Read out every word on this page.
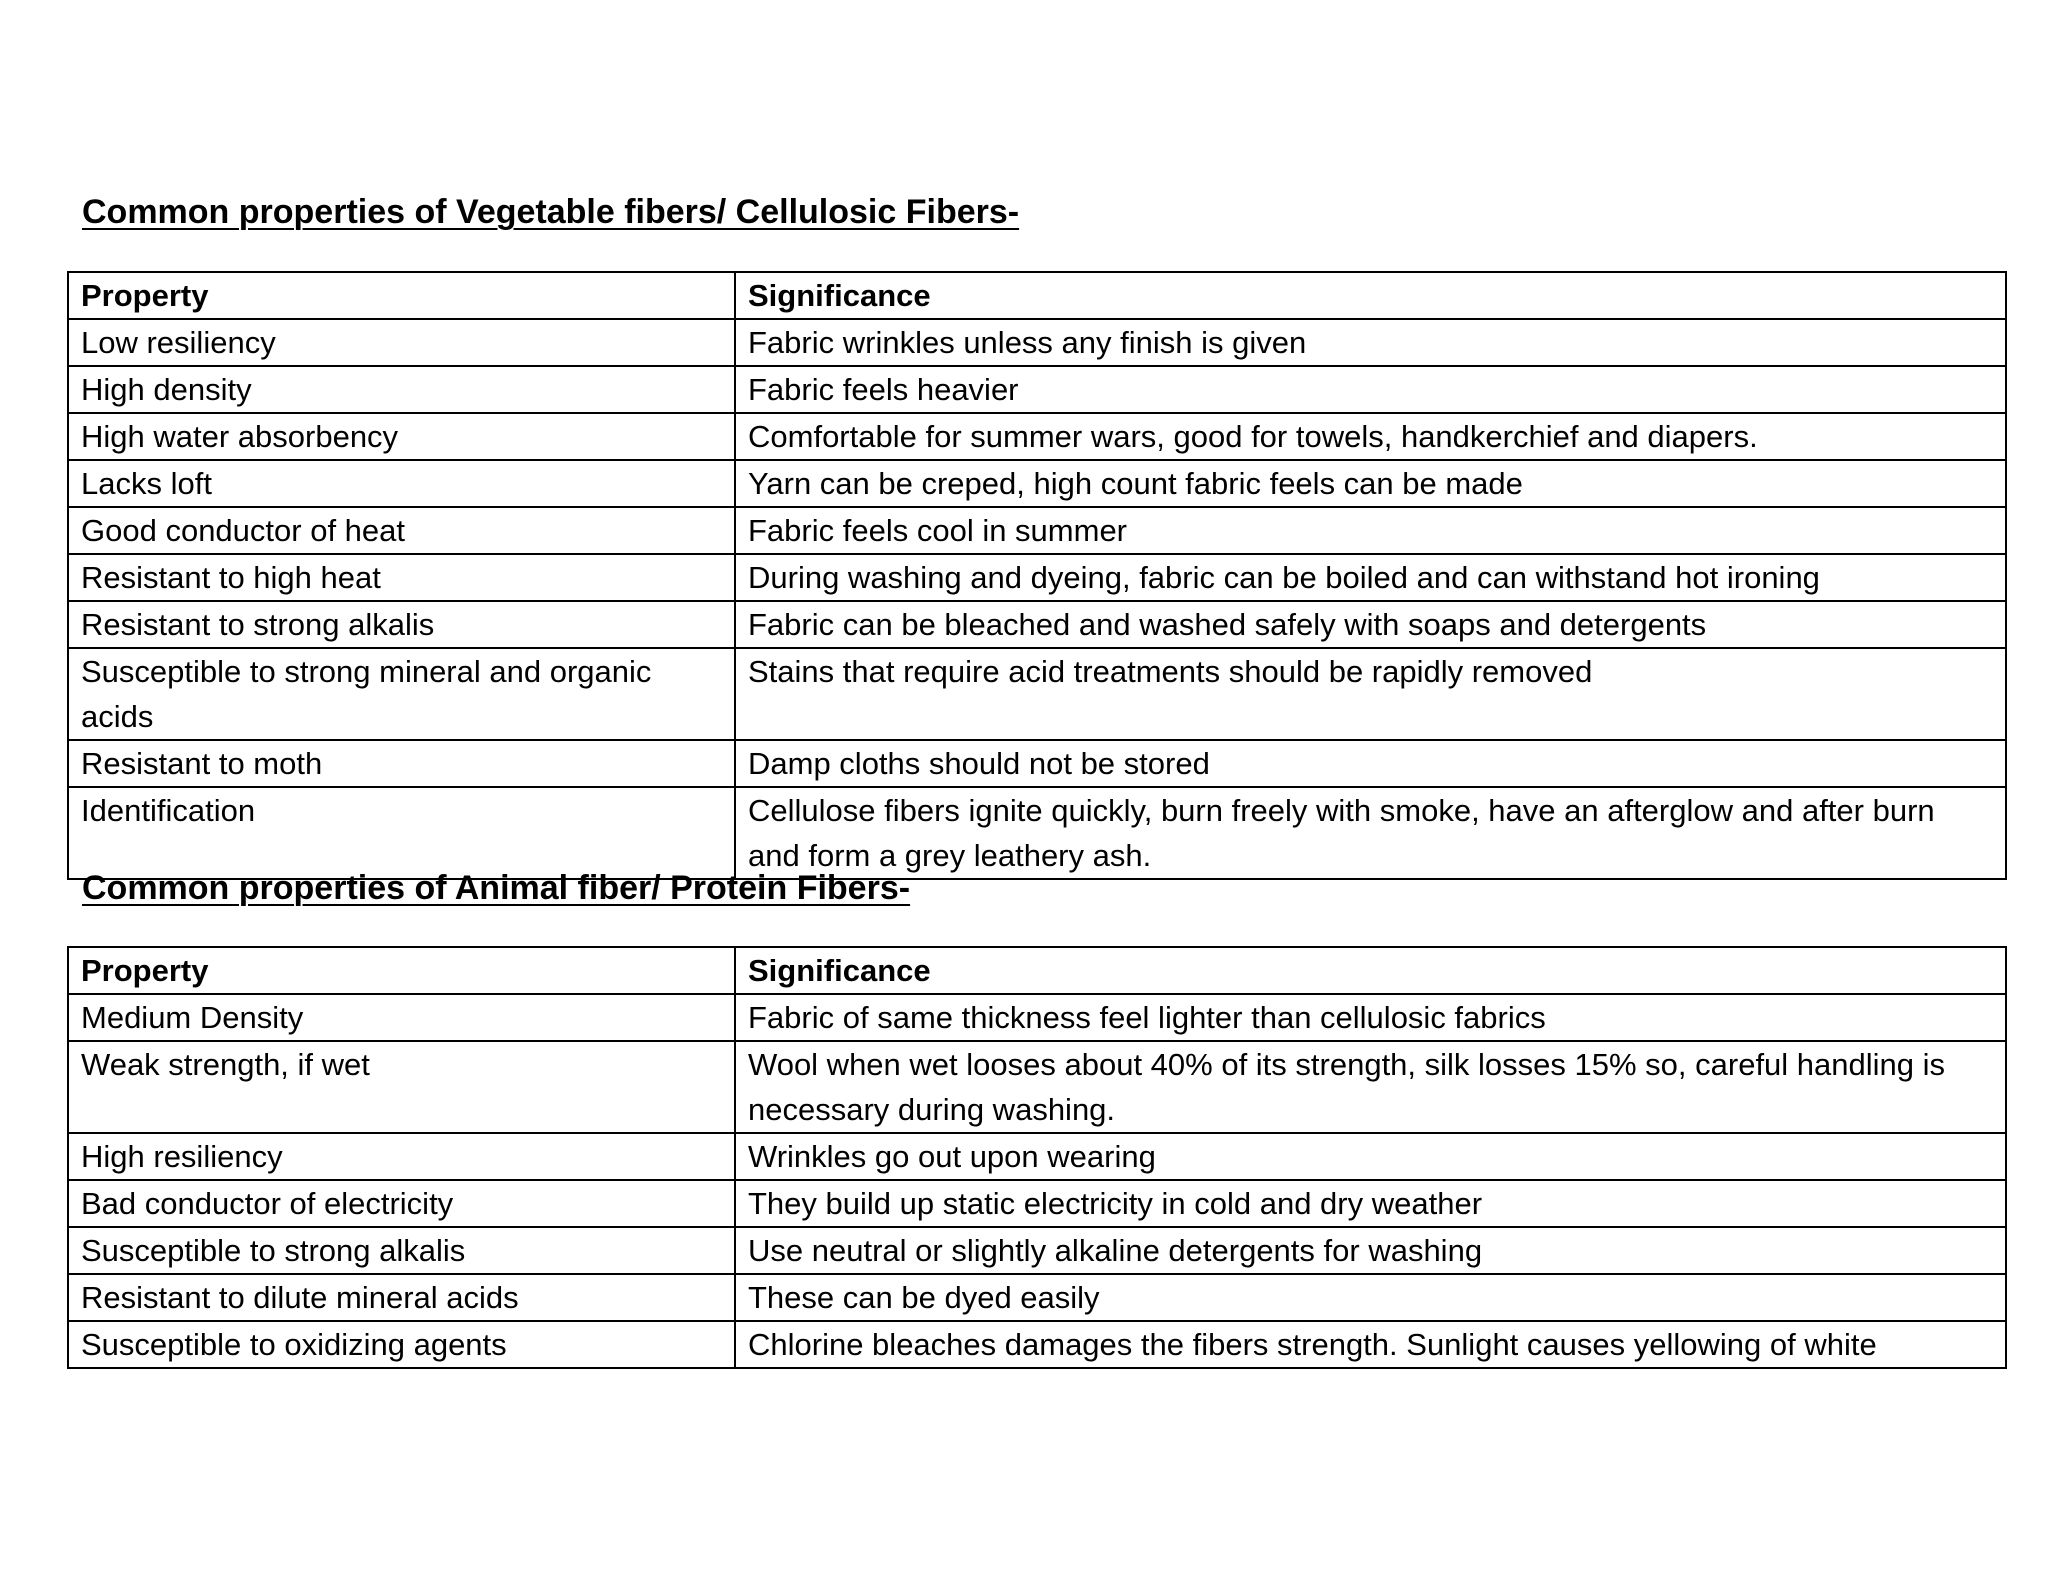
Common properties of Vegetable fibers/ Cellulosic Fibers-
Property	Significance
Low resiliency	Fabric wrinkles unless any finish is given
High density	Fabric feels heavier
High water absorbency	Comfortable for summer wars, good for towels, handkerchief and diapers.
Lacks loft	Yarn can be creped, high count fabric feels can be made
Good conductor of heat	Fabric feels cool in summer
Resistant to high heat	During washing and dyeing, fabric can be boiled and can withstand hot ironing
Resistant to strong alkalis	Fabric can be bleached and washed safely with soaps and detergents
Susceptible to strong mineral and organic acids	Stains that require acid treatments should be rapidly removed
Resistant to moth	Damp cloths should not be stored
Identification	Cellulose fibers ignite quickly, burn freely with smoke, have an afterglow and after burn and form a grey leathery ash.
Common properties of Animal fiber/ Protein Fibers-
Property	Significance
Medium Density	Fabric of same thickness feel lighter than cellulosic fabrics
Weak strength, if wet	Wool when wet looses about 40% of its strength, silk losses 15% so, careful handling is necessary during washing.
High resiliency	Wrinkles go out upon wearing
Bad conductor of electricity	They build up static electricity in cold and dry weather
Susceptible to strong alkalis	Use neutral or slightly alkaline detergents for washing
Resistant to dilute mineral acids	These can be dyed easily
Susceptible to oxidizing agents	Chlorine bleaches damages the fibers strength. Sunlight causes yellowing of white
